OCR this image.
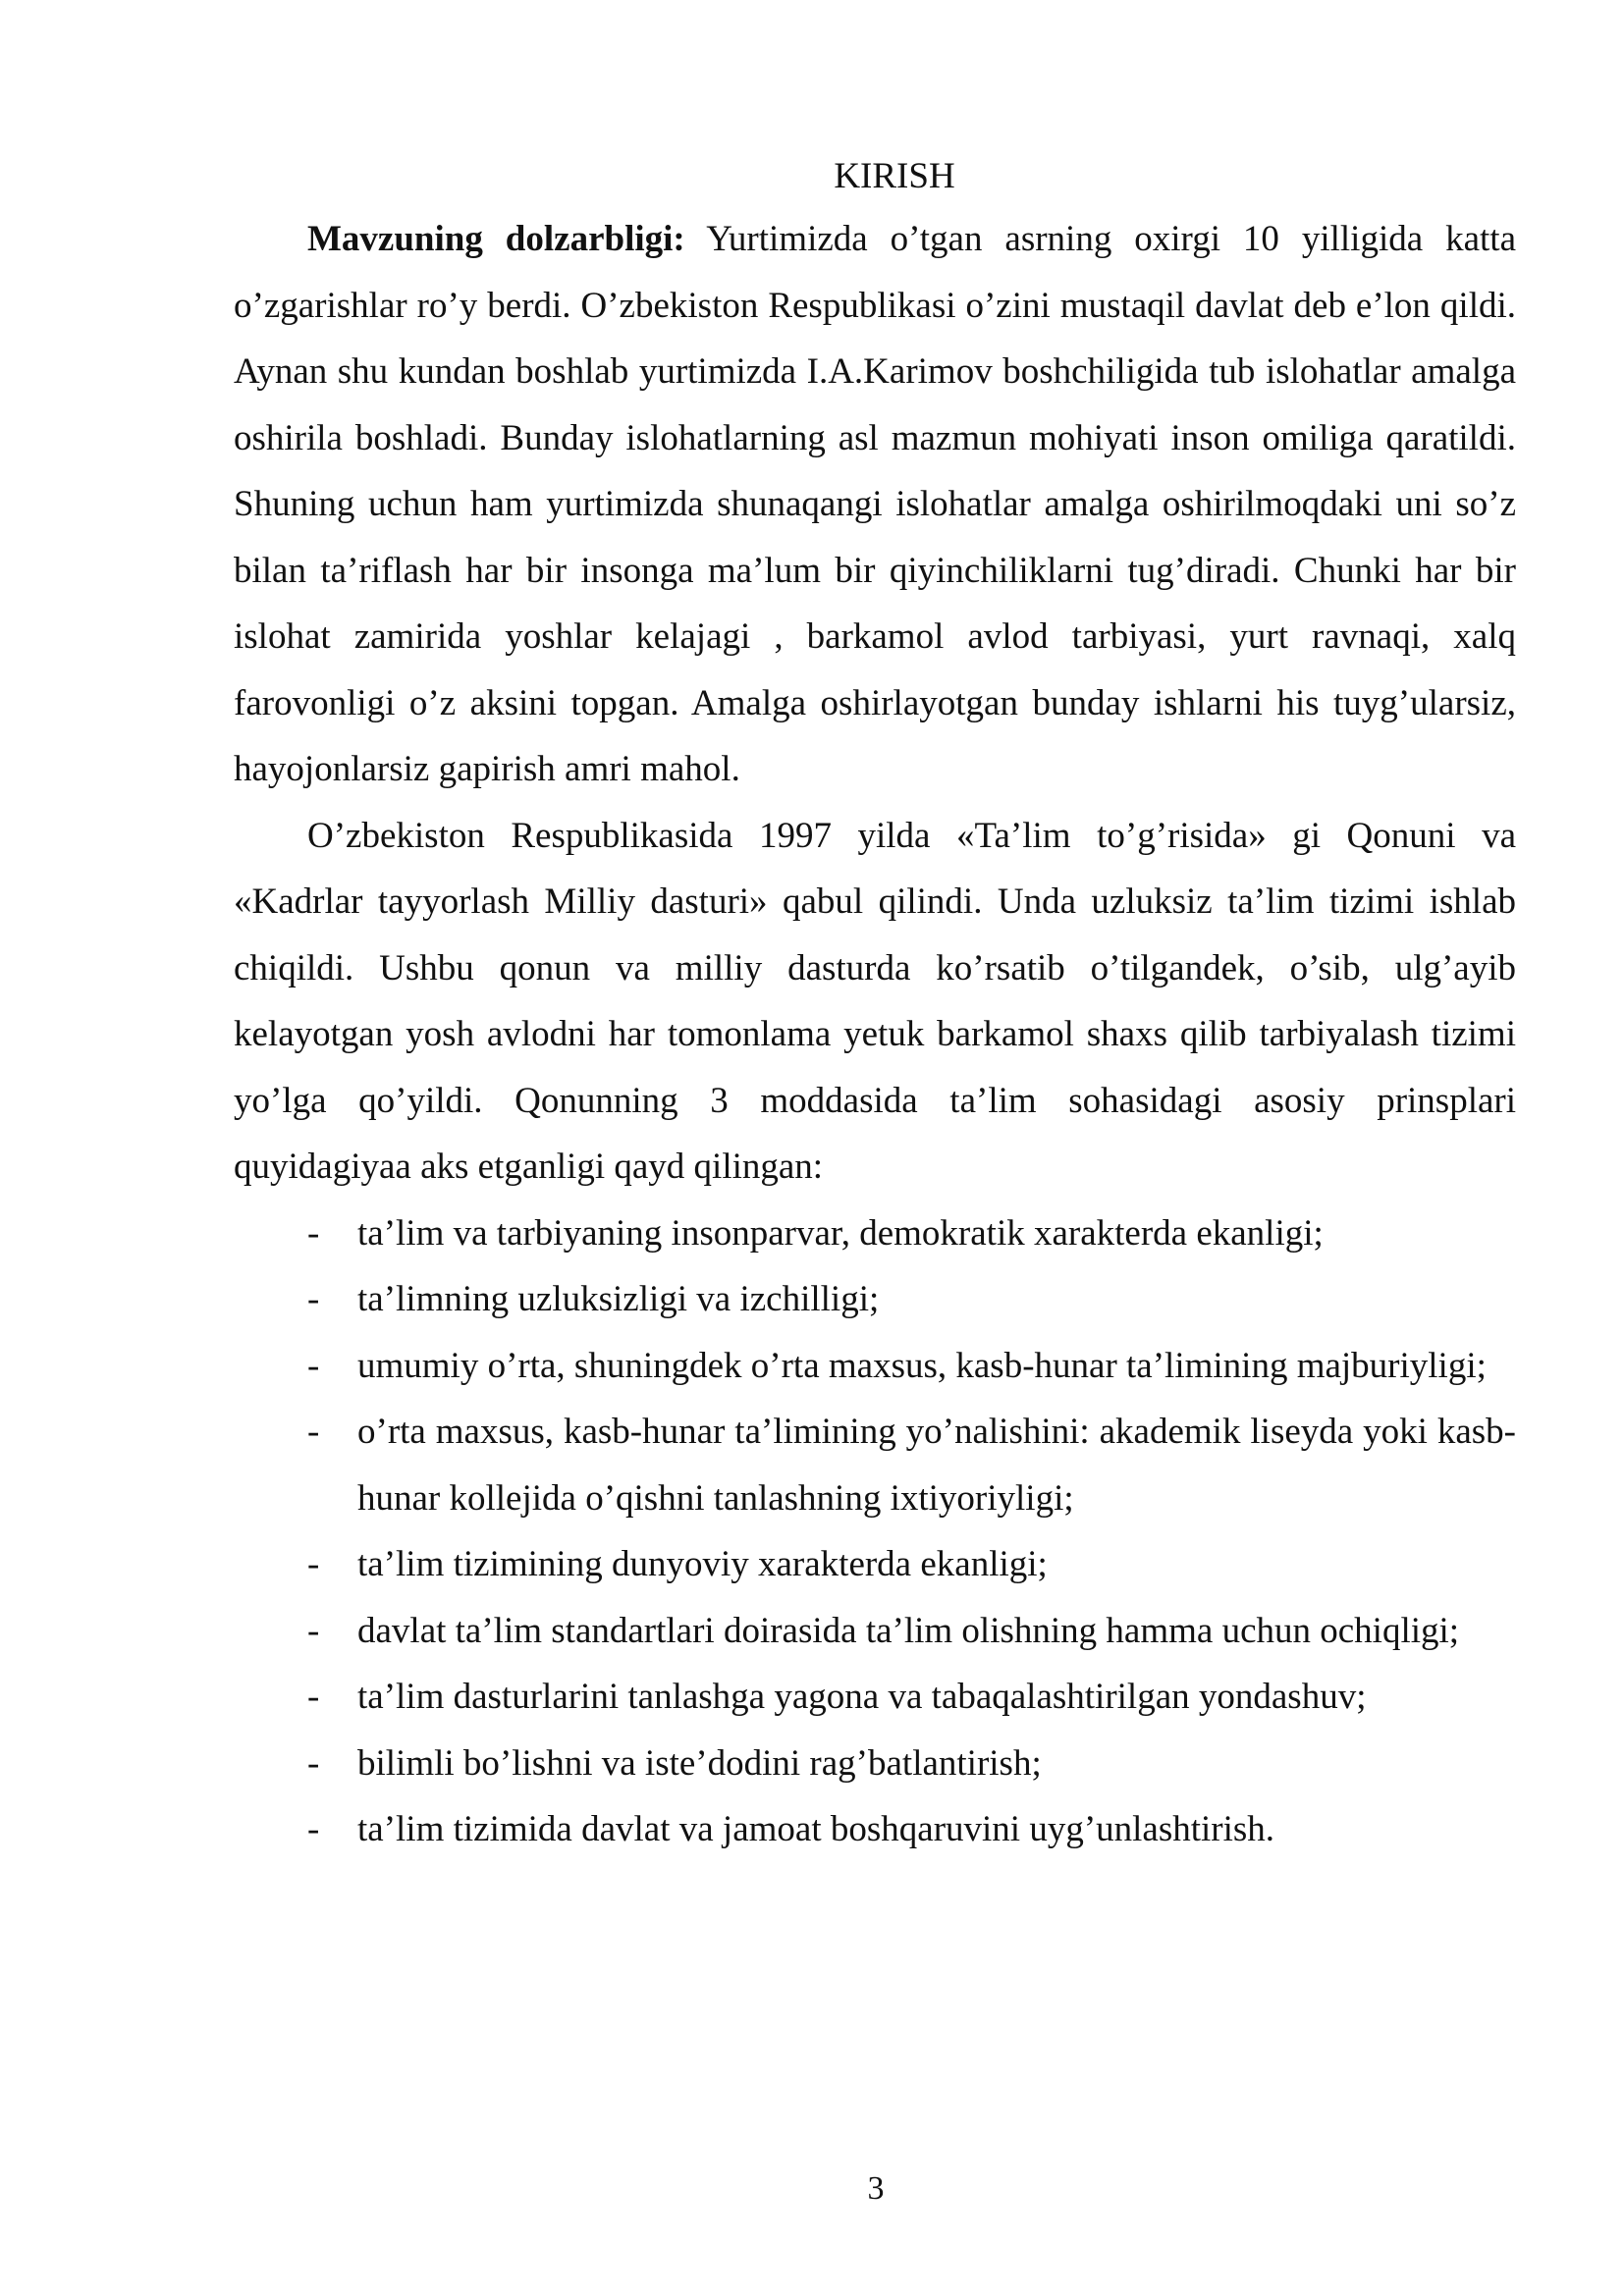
KIRISH

Mavzuning dolzarbligi: Yurtimizda o’tgan asrning oxirgi 10 yilligida katta o’zgarishlar ro’y berdi. O’zbekiston Respublikasi o’zini mustaqil davlat deb e’lon qildi. Aynan shu kundan boshlab yurtimizda I.A.Karimov boshchiligida tub islohatlar amalga oshirila boshladi. Bunday islohatlarning asl mazmun mohiyati inson omiliga qaratildi. Shuning uchun ham yurtimizda shunaqangi islohatlar amalga oshirilmoqdaki uni so’z bilan ta’riflash har bir insonga ma’lum bir qiyinchiliklarni tug’diradi. Chunki har bir islohat zamirida yoshlar kelajagi , barkamol avlod tarbiyasi, yurt ravnaqi, xalq farovonligi o’z aksini topgan. Amalga oshirlayotgan bunday ishlarni his tuyg’ularsiz, hayojonlarsiz gapirish amri mahol.

O’zbekiston Respublikasida 1997 yilda «Ta’lim to’g’risida» gi Qonuni va «Kadrlar tayyorlash Milliy dasturi» qabul qilindi. Unda uzluksiz ta’lim tizimi ishlab chiqildi. Ushbu qonun va milliy dasturda ko’rsatib o’tilgandek, o’sib, ulg’ayib kelayotgan yosh avlodni har tomonlama yetuk barkamol shaxs qilib tarbiyalash tizimi yo’lga qo’yildi. Qonunning 3 moddasida ta’lim sohasidagi asosiy prinsplari quyidagiyaa aks etganligi qayd qilingan:

- ta’lim va tarbiyaning insonparvar, demokratik xarakterda ekanligi;
- ta’limning uzluksizligi va izchilligi;
- umumiy o’rta, shuningdek o’rta maxsus, kasb-hunar ta’limining majburiyligi;
- o’rta maxsus, kasb-hunar ta’limining yo’nalishini: akademik liseyda yoki kasb-hunar kollejida o’qishni tanlashning ixtiyoriyligi;
- ta’lim tizimining dunyoviy xarakterda ekanligi;
- davlat ta’lim standartlari doirasida ta’lim olishning hamma uchun ochiqligi;
- ta’lim dasturlarini tanlashga yagona va tabaqalashtirilgan yondashuv;
- bilimli bo’lishni va iste’dodini rag’batlantirish;
- ta’lim tizimida davlat va jamoat boshqaruvini uyg’unlashtirish.
3
